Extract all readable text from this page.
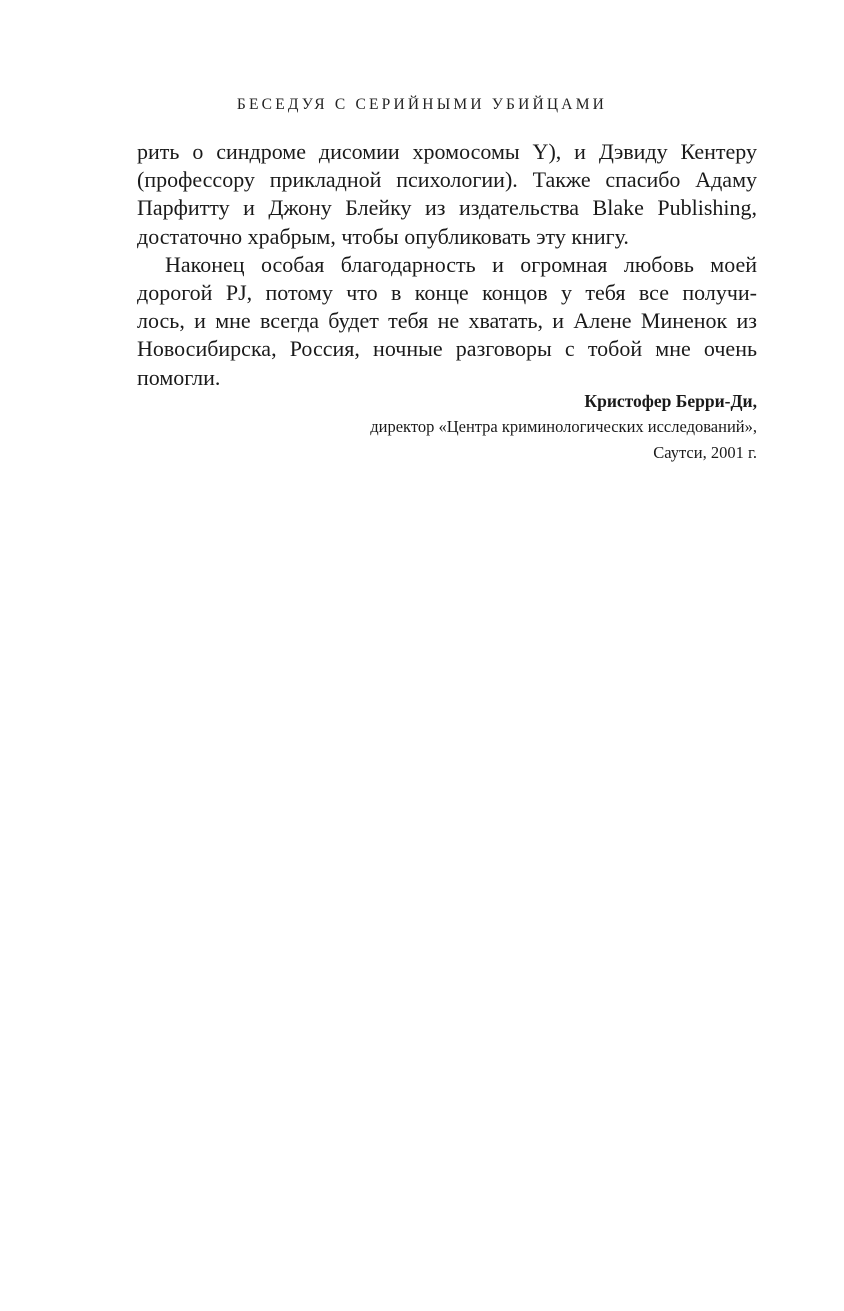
БЕСЕДУЯ С СЕРИЙНЫМИ УБИЙЦАМИ
рить о синдроме дисомии хромосомы Y), и Дэвиду Кентеру
(профессору прикладной психологии). Также спасибо Адаму
Парфитту и Джону Блейку из издательства Blake Publishing,
достаточно храбрым, чтобы опубликовать эту книгу.
Наконец особая благодарность и огромная любовь моей
дорогой PJ, потому что в конце концов у тебя все получи-
лось, и мне всегда будет тебя не хватать, и Алене Миненок из
Новосибирска, Россия, ночные разговоры с тобой мне очень
помогли.
Кристофер Берри-Ди,
директор «Центра криминологических исследований»,
Саутси, 2001 г.
